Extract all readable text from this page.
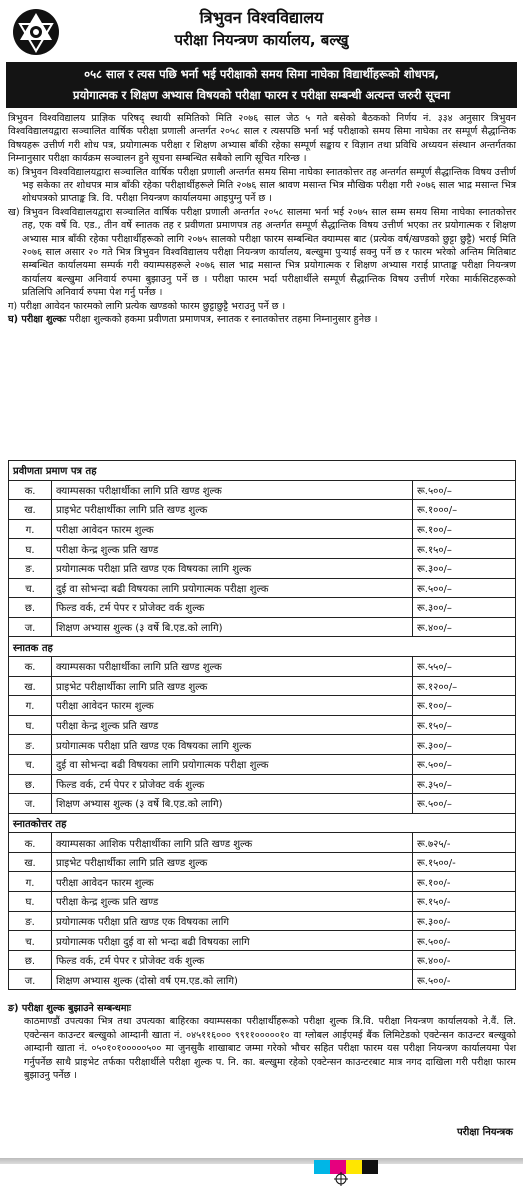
त्रिभुवन विश्वविद्यालय
परीक्षा नियन्त्रण कार्यालय, बल्खु
०५८ साल र त्यस पछि भर्ना भई परीक्षाको समय सिमा नाघेका विद्यार्थीहरूको शोधपत्र,
प्रयोगात्मक र शिक्षण अभ्यास विषयको परीक्षा फारम र परीक्षा सम्बन्धी अत्यन्त जरुरी सूचना

त्रिभुवन विश्वविद्यालय प्राज्ञिक परिषद् स्थायी समितिको मिति २०७६ साल जेठ ५ गते बसेको बैठकको निर्णय नं. ३३४ अनुसार त्रिभुवन विश्वविद्यालयद्वारा सञ्चालित वार्षिक परीक्षा प्रणाली अन्तर्गत २०५८ साल र त्यसपछि भर्ना भई परीक्षाको समय सिमा नाघेका तर सम्पूर्ण सैद्धान्तिक विषयहरू उत्तीर्ण गरी शोध पत्र, प्रयोगात्मक परीक्षा र शिक्षण अभ्यास बाँकी रहेका सम्पूर्ण सङ्काय र विज्ञान तथा प्रविधि अध्ययन संस्थान अन्तर्गतका निम्नानुसार परीक्षा कार्यक्रम सञ्चालन हुने सूचना सम्बन्धित सबैको लागि सूचित गरिन्छ ।

क) त्रिभुवन विश्वविद्यालयद्वारा सञ्चालित वार्षिक परीक्षा प्रणाली अन्तर्गत समय सिमा नाघेका स्नातकोत्तर तह अन्तर्गत सम्पूर्ण सैद्धान्तिक विषय उत्तीर्ण भइ सकेका तर शोधपत्र मात्र बाँकी रहेका परीक्षार्थीहरूले मिति २०७६ साल श्रावण मसान्त भित्र मौखिक परीक्षा गरी २०७६ साल भाद्र मसान्त भित्र शोधपत्रको प्राप्ताङ्क त्रि. वि. परीक्षा नियन्त्रण कार्यालयमा आइपुग्नु पर्ने छ ।

ख) त्रिभुवन विश्वविद्यालयद्वारा सञ्चालित वार्षिक परीक्षा प्रणाली अन्तर्गत २०५८ सालमा भर्ना भई २०७५ साल सम्म समय सिमा नाघेका स्नातकोत्तर तह, एक वर्षे वि. एड., तीन वर्षे स्नातक तह र प्रवीणता प्रमाणपत्र तह अन्तर्गत सम्पूर्ण सैद्धान्तिक विषय उत्तीर्ण भएका तर प्रयोगात्मक र शिक्षण अभ्यास मात्र बाँकी रहेका परीक्षार्थीहरूको लागि २०७५ सालको परीक्षा फारम सम्बन्धित क्याम्पस बाट (प्रत्येक वर्ष/खण्डको छुट्टा छुट्टै) भराई मिति २०७६ साल असार २० गते भित्र त्रिभुवन विश्वविद्यालय परीक्षा नियन्त्रण कार्यालय, बल्खुमा पुऱ्याई सक्नु पर्ने छ र फारम भरेको अन्तिम मितिबाट सम्बन्धित कार्यालयमा सम्पर्क गरी क्याम्पसहरूले २०७६ साल भाद्र मसान्त भित्र प्रयोगात्मक र शिक्षण अभ्यास गराई प्राप्ताङ्क परीक्षा नियन्त्रण कार्यालय बल्खुमा अनिवार्य रुपमा बुझाउनु पर्ने छ । परीक्षा फारम भर्दा परीक्षार्थीले सम्पूर्ण सैद्धान्तिक विषय उत्तीर्ण गरेका मार्कसिटहरूको प्रतिलिपि अनिवार्य रुपमा पेश गर्नु पर्नेछ ।

ग) परीक्षा आवेदन फारमको लागि प्रत्येक खण्डको फारम छुट्टाछुट्टै भराउनु पर्ने छ ।

घ) परीक्षा शुल्कः परीक्षा शुल्कको हकमा प्रवीणता प्रमाणपत्र, स्नातक र स्नातकोत्तर तहमा निम्नानुसार हुनेछ ।

प्रवीणता प्रमाण पत्र तह		
क.	क्याम्पसका परीक्षार्थीका लागि प्रति खण्ड शुल्क	रू.५००/–
ख.	प्राइभेट परीक्षार्थीका लागि प्रति खण्ड शुल्क	रू.१०००/–
ग.	परीक्षा आवेदन फारम शुल्क	रू.१००/–
घ.	परीक्षा केन्द्र शुल्क प्रति खण्ड	रू.१५०/–
ङ.	प्रयोगात्मक परीक्षा प्रति खण्ड एक विषयका लागि शुल्क	रू.३००/–
च.	दुई वा सोभन्दा बढी विषयका लागि प्रयोगात्मक परीक्षा शुल्क	रू.५००/–
छ.	फिल्ड वर्क, टर्म पेपर र प्रोजेक्ट वर्क शुल्क	रू.३००/–
ज.	शिक्षण अभ्यास शुल्क (३ वर्षे बि.एड.को लागि)	रू.४००/–
स्नातक तह		
क.	क्याम्पसका परीक्षार्थीका लागि प्रति खण्ड शुल्क	रू.५५०/–
ख.	प्राइभेट परीक्षार्थीका लागि प्रति खण्ड शुल्क	रू.१२००/–
ग.	परीक्षा आवेदन फारम शुल्क	रू.१००/–
घ.	परीक्षा केन्द्र शुल्क प्रति खण्ड	रू.१५०/–
ङ.	प्रयोगात्मक परीक्षा प्रति खण्ड एक विषयका लागि शुल्क	रू.३००/–
च.	दुई वा सोभन्दा बढी विषयका लागि प्रयोगात्मक परीक्षा शुल्क	रू.५००/–
छ.	फिल्ड वर्क, टर्म पेपर र प्रोजेक्ट वर्क शुल्क	रू.३५०/–
ज.	शिक्षण अभ्यास शुल्क (३ वर्षे बि.एड.को लागि)	रू.५००/–
स्नातकोत्तर तह		
क.	क्याम्पसका आशिक परीक्षार्थीका लागि प्रति खण्ड शुल्क	रू.७२५/-
ख.	प्राइभेट परीक्षार्थीका लागि प्रति खण्ड शुल्क	रू.१५००/-
ग.	परीक्षा आवेदन फारम शुल्क	रू.१००/-
घ.	परीक्षा केन्द्र शुल्क प्रति खण्ड	रू.१५०/-
ङ.	प्रयोगात्मक परीक्षा प्रति खण्ड एक विषयका लागि	रू.३००/-
च.	प्रयोगात्मक परीक्षा दुई वा सो भन्दा बढी विषयका लागि	रू.५००/-
छ.	फिल्ड वर्क, टर्म पेपर र प्रोजेक्ट वर्क शुल्क	रू.४००/-
ज.	शिक्षण अभ्यास शुल्क (दोस्रो वर्ष एम.एड.को लागि)	रू.५००/-
ङ) परीक्षा शुल्क बुझाउने सम्बन्धमाः
काठमाण्डौं उपत्यका भित्र तथा उपत्यका बाहिरका क्याम्पसका परीक्षार्थीहरूको परीक्षा शुल्क त्रि.वि. परीक्षा नियन्त्रण कार्यालयको ने.वैं. लि. एक्टेन्सन काउन्टर बल्खुको आम्दानी खाता नं. ०४५११६००० ९९११०००००१० वा ग्लोबल आईएमई बैंक लिमिटेडको एक्टेन्सन काउन्टर बल्खुको आम्दानी खाता नं. ०५०१०१०००००५०० मा जुनसुकै शाखाबाट जम्मा गरेको भौचर सहित परीक्षा फारम यस परीक्षा नियन्त्रण कार्यालयमा पेश गर्नुपर्नेछ साथै प्राइभेट तर्फका परीक्षार्थीले परीक्षा शुल्क प. नि. का. बल्खुमा रहेको एक्टेन्सन काउन्टरबाट मात्र नगद दाखिला गरी परीक्षा फारम बुझाउनु पर्नेछ ।
परीक्षा नियन्त्रक
